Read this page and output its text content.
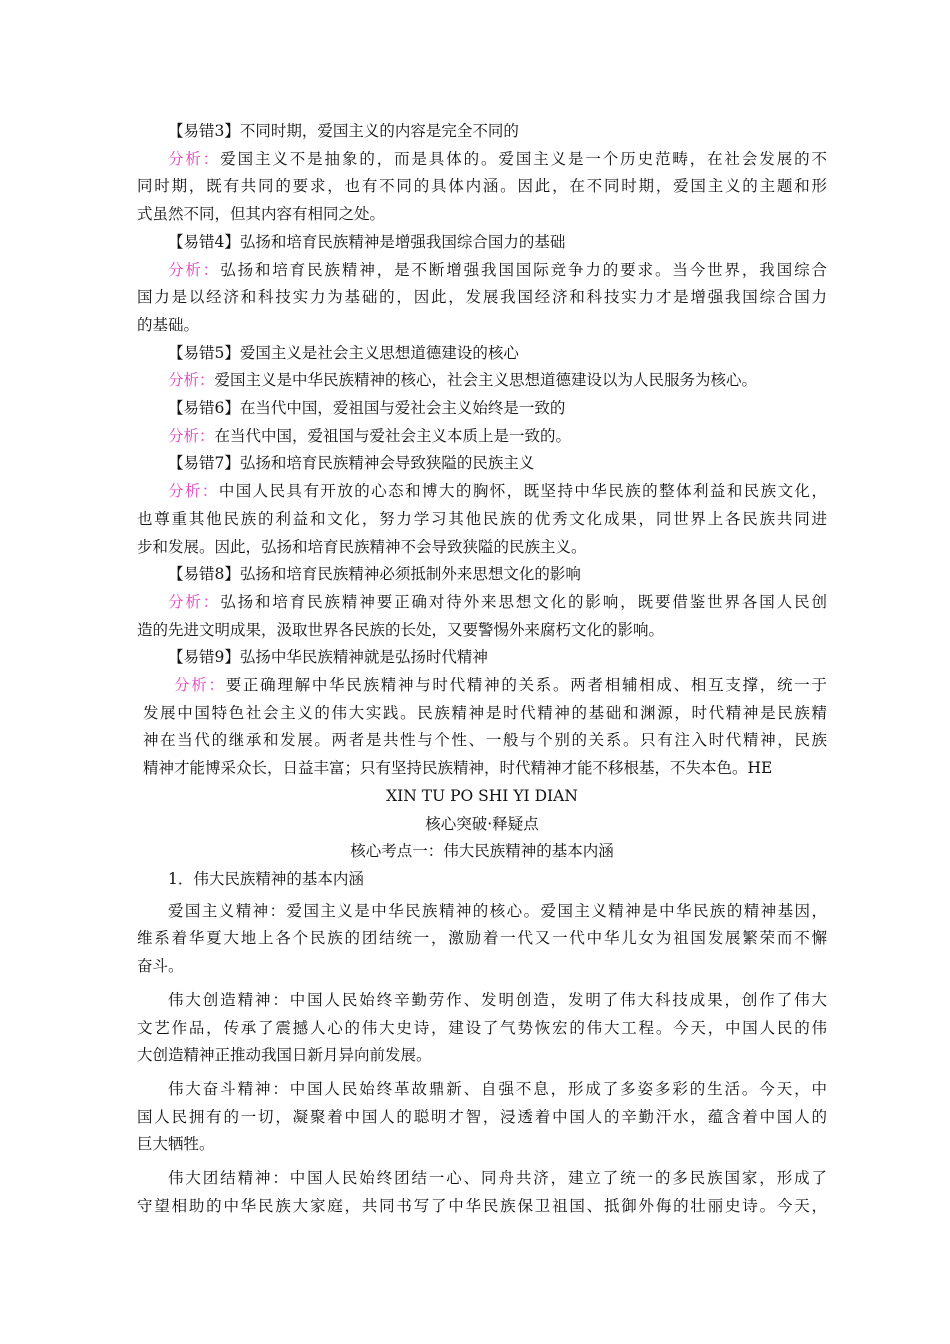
【易错3】不同时期，爱国主义的内容是完全不同的

分析：爱国主义不是抽象的，而是具体的。爱国主义是一个历史范畴，在社会发展的不

同时期，既有共同的要求，也有不同的具体内涵。因此，在不同时期，爱国主义的主题和形

式虽然不同，但其内容有相同之处。

【易错4】弘扬和培育民族精神是增强我国综合国力的基础

分析：弘扬和培育民族精神，是不断增强我国国际竞争力的要求。当今世界，我国综合

国力是以经济和科技实力为基础的，因此，发展我国经济和科技实力才是增强我国综合国力

的基础。

【易错5】爱国主义是社会主义思想道德建设的核心

分析：爱国主义是中华民族精神的核心，社会主义思想道德建设以为人民服务为核心。

【易错6】在当代中国，爱祖国与爱社会主义始终是一致的

分析：在当代中国，爱祖国与爱社会主义本质上是一致的。

【易错7】弘扬和培育民族精神会导致狭隘的民族主义

分析：中国人民具有开放的心态和博大的胸怀，既坚持中华民族的整体利益和民族文化，

也尊重其他民族的利益和文化，努力学习其他民族的优秀文化成果，同世界上各民族共同进

步和发展。因此，弘扬和培育民族精神不会导致狭隘的民族主义。

【易错8】弘扬和培育民族精神必须抵制外来思想文化的影响

分析：弘扬和培育民族精神要正确对待外来思想文化的影响，既要借鉴世界各国人民创

造的先进文明成果，汲取世界各民族的长处，又要警惕外来腐朽文化的影响。

【易错9】弘扬中华民族精神就是弘扬时代精神

分析：要正确理解中华民族精神与时代精神的关系。两者相辅相成、相互支撑，统一于

发展中国特色社会主义的伟大实践。民族精神是时代精神的基础和渊源，时代精神是民族精

神在当代的继承和发展。两者是共性与个性、一般与个别的关系。只有注入时代精神，民族

精神才能博采众长，日益丰富；只有坚持民族精神，时代精神才能不移根基，不失本色。HE

XIN TU PO SHI YI DIAN

核心突破·释疑点

核心考点一：伟大民族精神的基本内涵

1．伟大民族精神的基本内涵

爱国主义精神：爱国主义是中华民族精神的核心。爱国主义精神是中华民族的精神基因，

维系着华夏大地上各个民族的团结统一，激励着一代又一代中华儿女为祖国发展繁荣而不懈

奋斗。

伟大创造精神：中国人民始终辛勤劳作、发明创造，发明了伟大科技成果，创作了伟大

文艺作品，传承了震撼人心的伟大史诗，建设了气势恢宏的伟大工程。今天，中国人民的伟

大创造精神正推动我国日新月异向前发展。

伟大奋斗精神：中国人民始终革故鼎新、自强不息，形成了多姿多彩的生活。今天，中

国人民拥有的一切，凝聚着中国人的聪明才智，浸透着中国人的辛勤汗水，蕴含着中国人的

巨大牺牲。

伟大团结精神：中国人民始终团结一心、同舟共济，建立了统一的多民族国家，形成了

守望相助的中华民族大家庭，共同书写了中华民族保卫祖国、抵御外侮的壮丽史诗。今天，
